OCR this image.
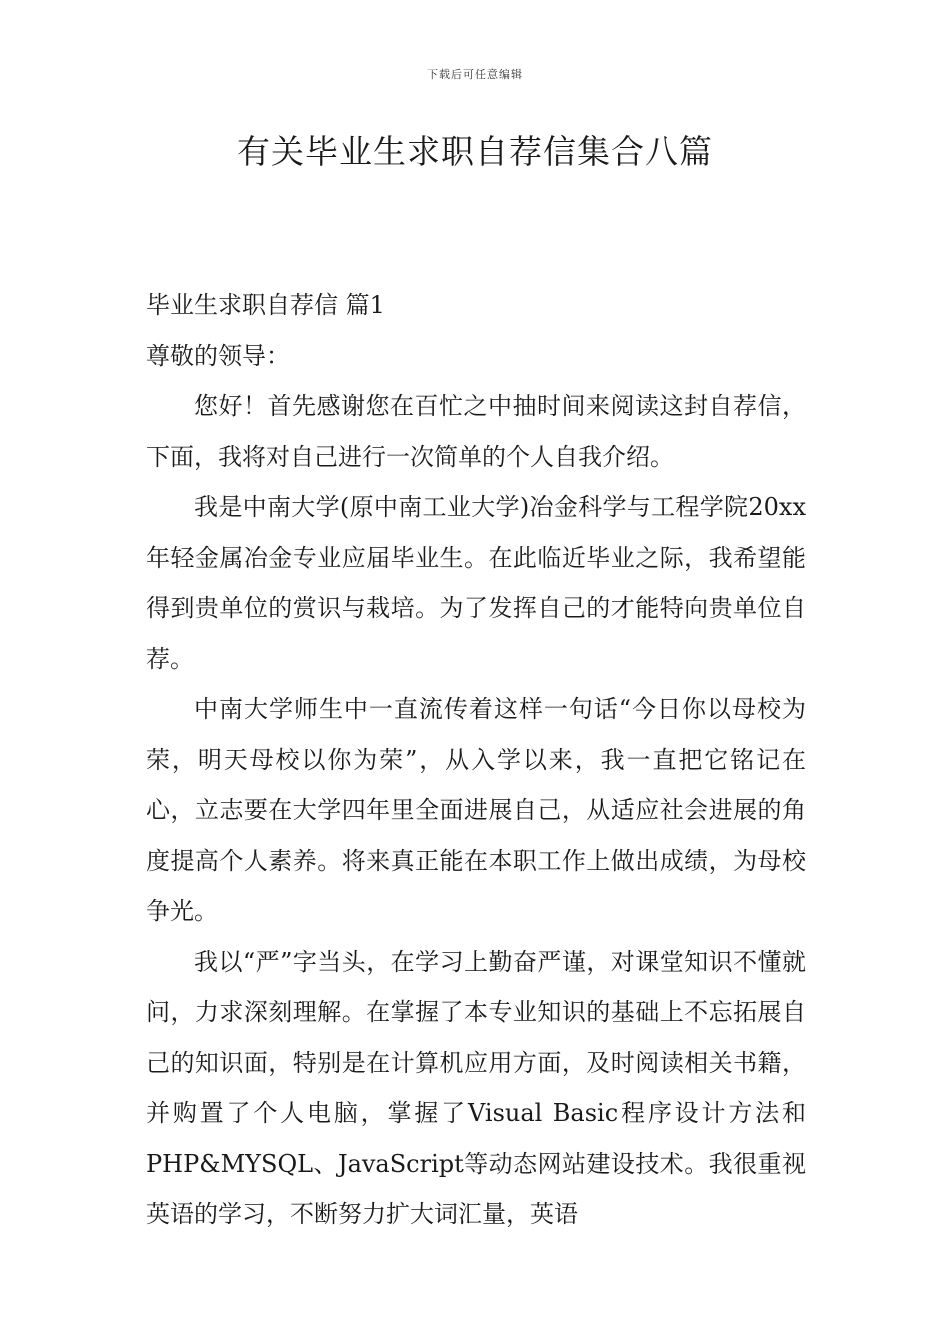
下载后可任意编辑
有关毕业生求职自荐信集合八篇
毕业生求职自荐信 篇1

尊敬的领导：

您好！首先感谢您在百忙之中抽时间来阅读这封自荐信，下面，我将对自己进行一次简单的个人自我介绍。

我是中南大学(原中南工业大学)冶金科学与工程学院20xx年轻金属冶金专业应届毕业生。在此临近毕业之际，我希望能得到贵单位的赏识与栽培。为了发挥自己的才能特向贵单位自荐。

中南大学师生中一直流传着这样一句话“今日你以母校为荣，明天母校以你为荣”，从入学以来，我一直把它铭记在心，立志要在大学四年里全面进展自己，从适应社会进展的角度提高个人素养。将来真正能在本职工作上做出成绩，为母校争光。

我以“严”字当头，在学习上勤奋严谨，对课堂知识不懂就问，力求深刻理解。在掌握了本专业知识的基础上不忘拓展自己的知识面，特别是在计算机应用方面，及时阅读相关书籍，并购置了个人电脑，掌握了Visual Basic程序设计方法和 PHP&MYSQL、JavaScript等动态网站建设技术。我很重视英语的学习，不断努力扩大词汇量，英语
